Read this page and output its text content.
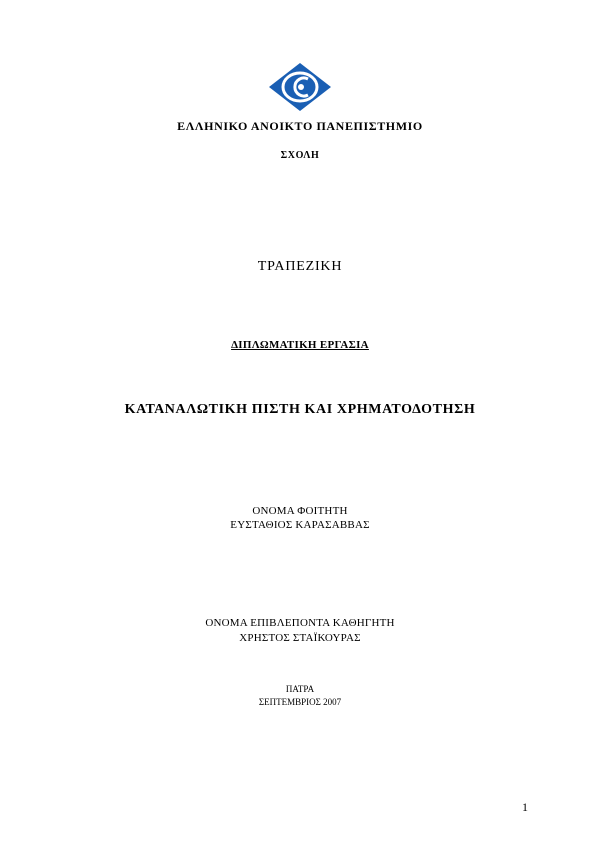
ΕΛΛΗΝΙΚΟ ΑΝΟΙΚΤΟ ΠΑΝΕΠΙΣΤΗΜΙΟ
ΣΧΟΛΗ
ΤΡΑΠΕΖΙΚΗ
ΔΙΠΛΩΜΑΤΙΚΗ ΕΡΓΑΣΙΑ
ΚΑΤΑΝΑΛΩΤΙΚΗ ΠΙΣΤΗ ΚΑΙ ΧΡΗΜΑΤΟΔΟΤΗΣΗ
ΟΝΟΜΑ ΦΟΙΤΗΤΗ
ΕΥΣΤΑΘΙΟΣ ΚΑΡΑΣΑΒΒΑΣ
ΟΝΟΜΑ ΕΠΙΒΛΕΠΟΝΤΑ ΚΑΘΗΓΗΤΗ
ΧΡΗΣΤΟΣ ΣΤΑΪΚΟΥΡΑΣ
ΠΑΤΡΑ
ΣΕΠΤΕΜΒΡΙΟΣ 2007
1
